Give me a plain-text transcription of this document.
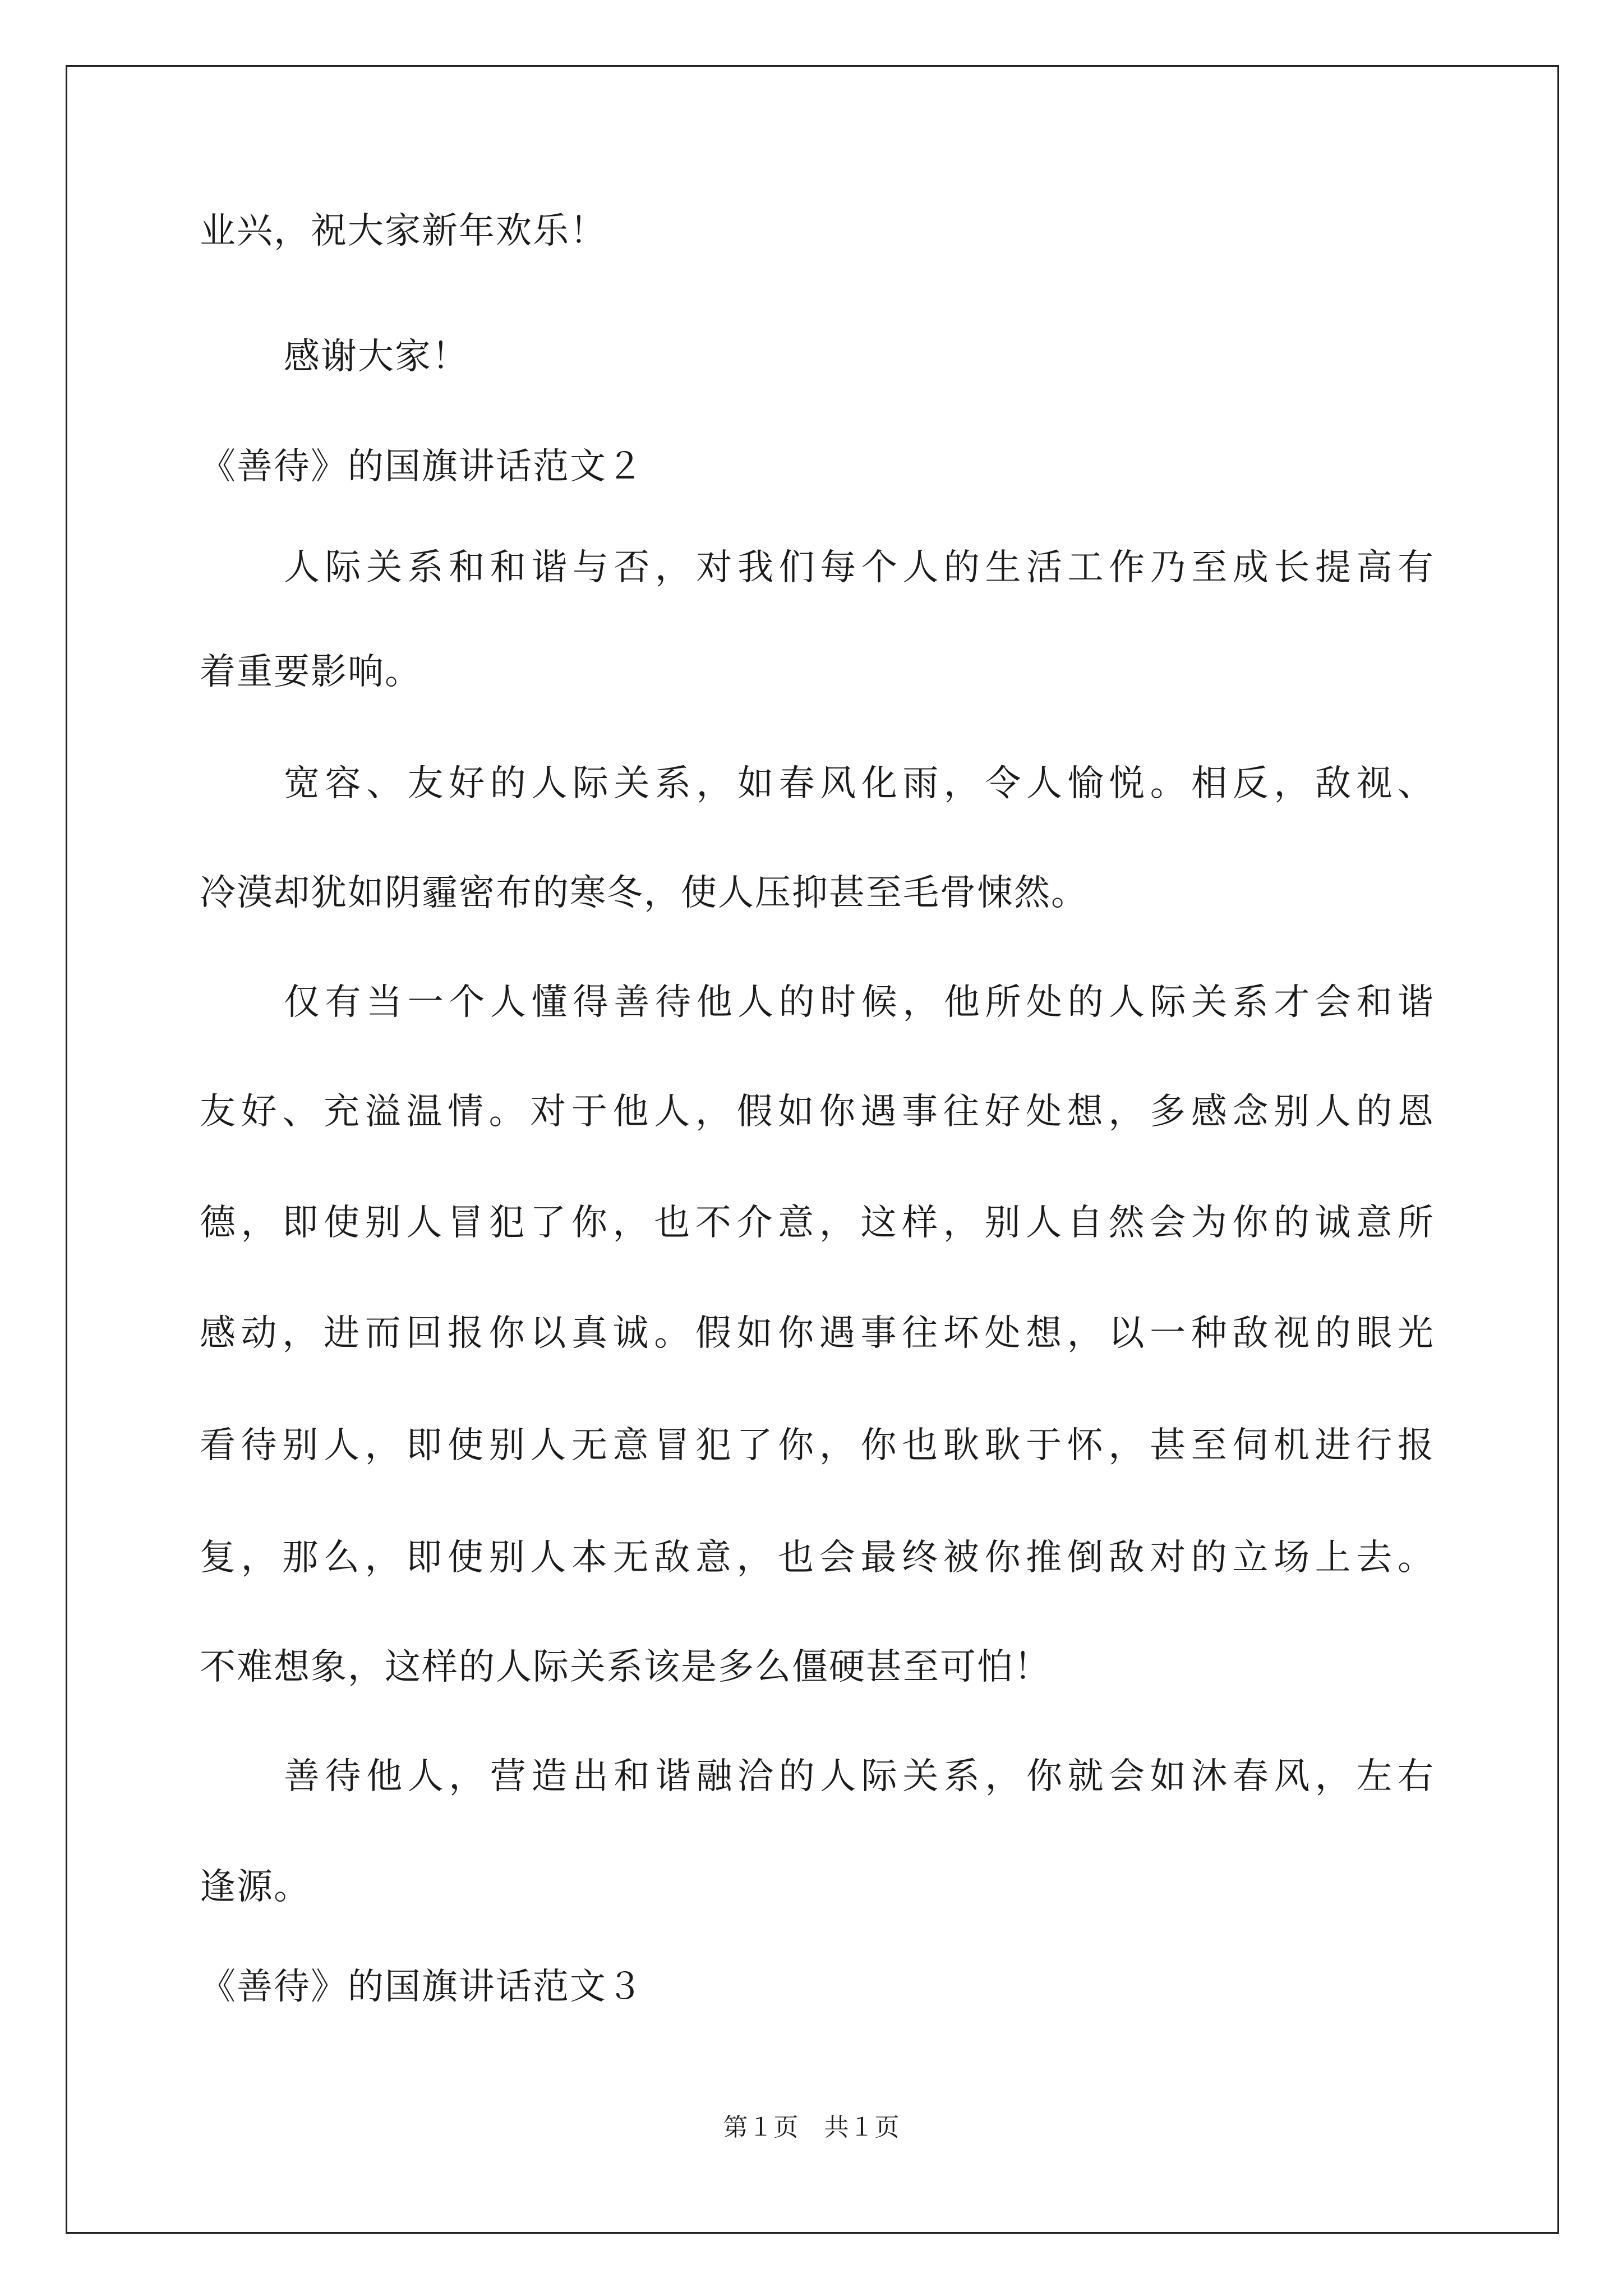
业兴，祝大家新年欢乐！
感谢大家！
《善待》的国旗讲话范文２
人际关系和和谐与否，对我们每个人的生活工作乃至成长提高有
着重要影响。
宽容、友好的人际关系，如春风化雨，令人愉悦。相反，敌视、
冷漠却犹如阴霾密布的寒冬，使人压抑甚至毛骨悚然。
仅有当一个人懂得善待他人的时候，他所处的人际关系才会和谐
友好、充溢温情。对于他人，假如你遇事往好处想，多感念别人的恩
德，即使别人冒犯了你，也不介意，这样，别人自然会为你的诚意所
感动，进而回报你以真诚。假如你遇事往坏处想，以一种敌视的眼光
看待别人，即使别人无意冒犯了你，你也耿耿于怀，甚至伺机进行报
复，那么，即使别人本无敌意，也会最终被你推倒敌对的立场上去。
不难想象，这样的人际关系该是多么僵硬甚至可怕！
善待他人，营造出和谐融洽的人际关系，你就会如沐春风，左右
逢源。
《善待》的国旗讲话范文３
第１页　共１页
